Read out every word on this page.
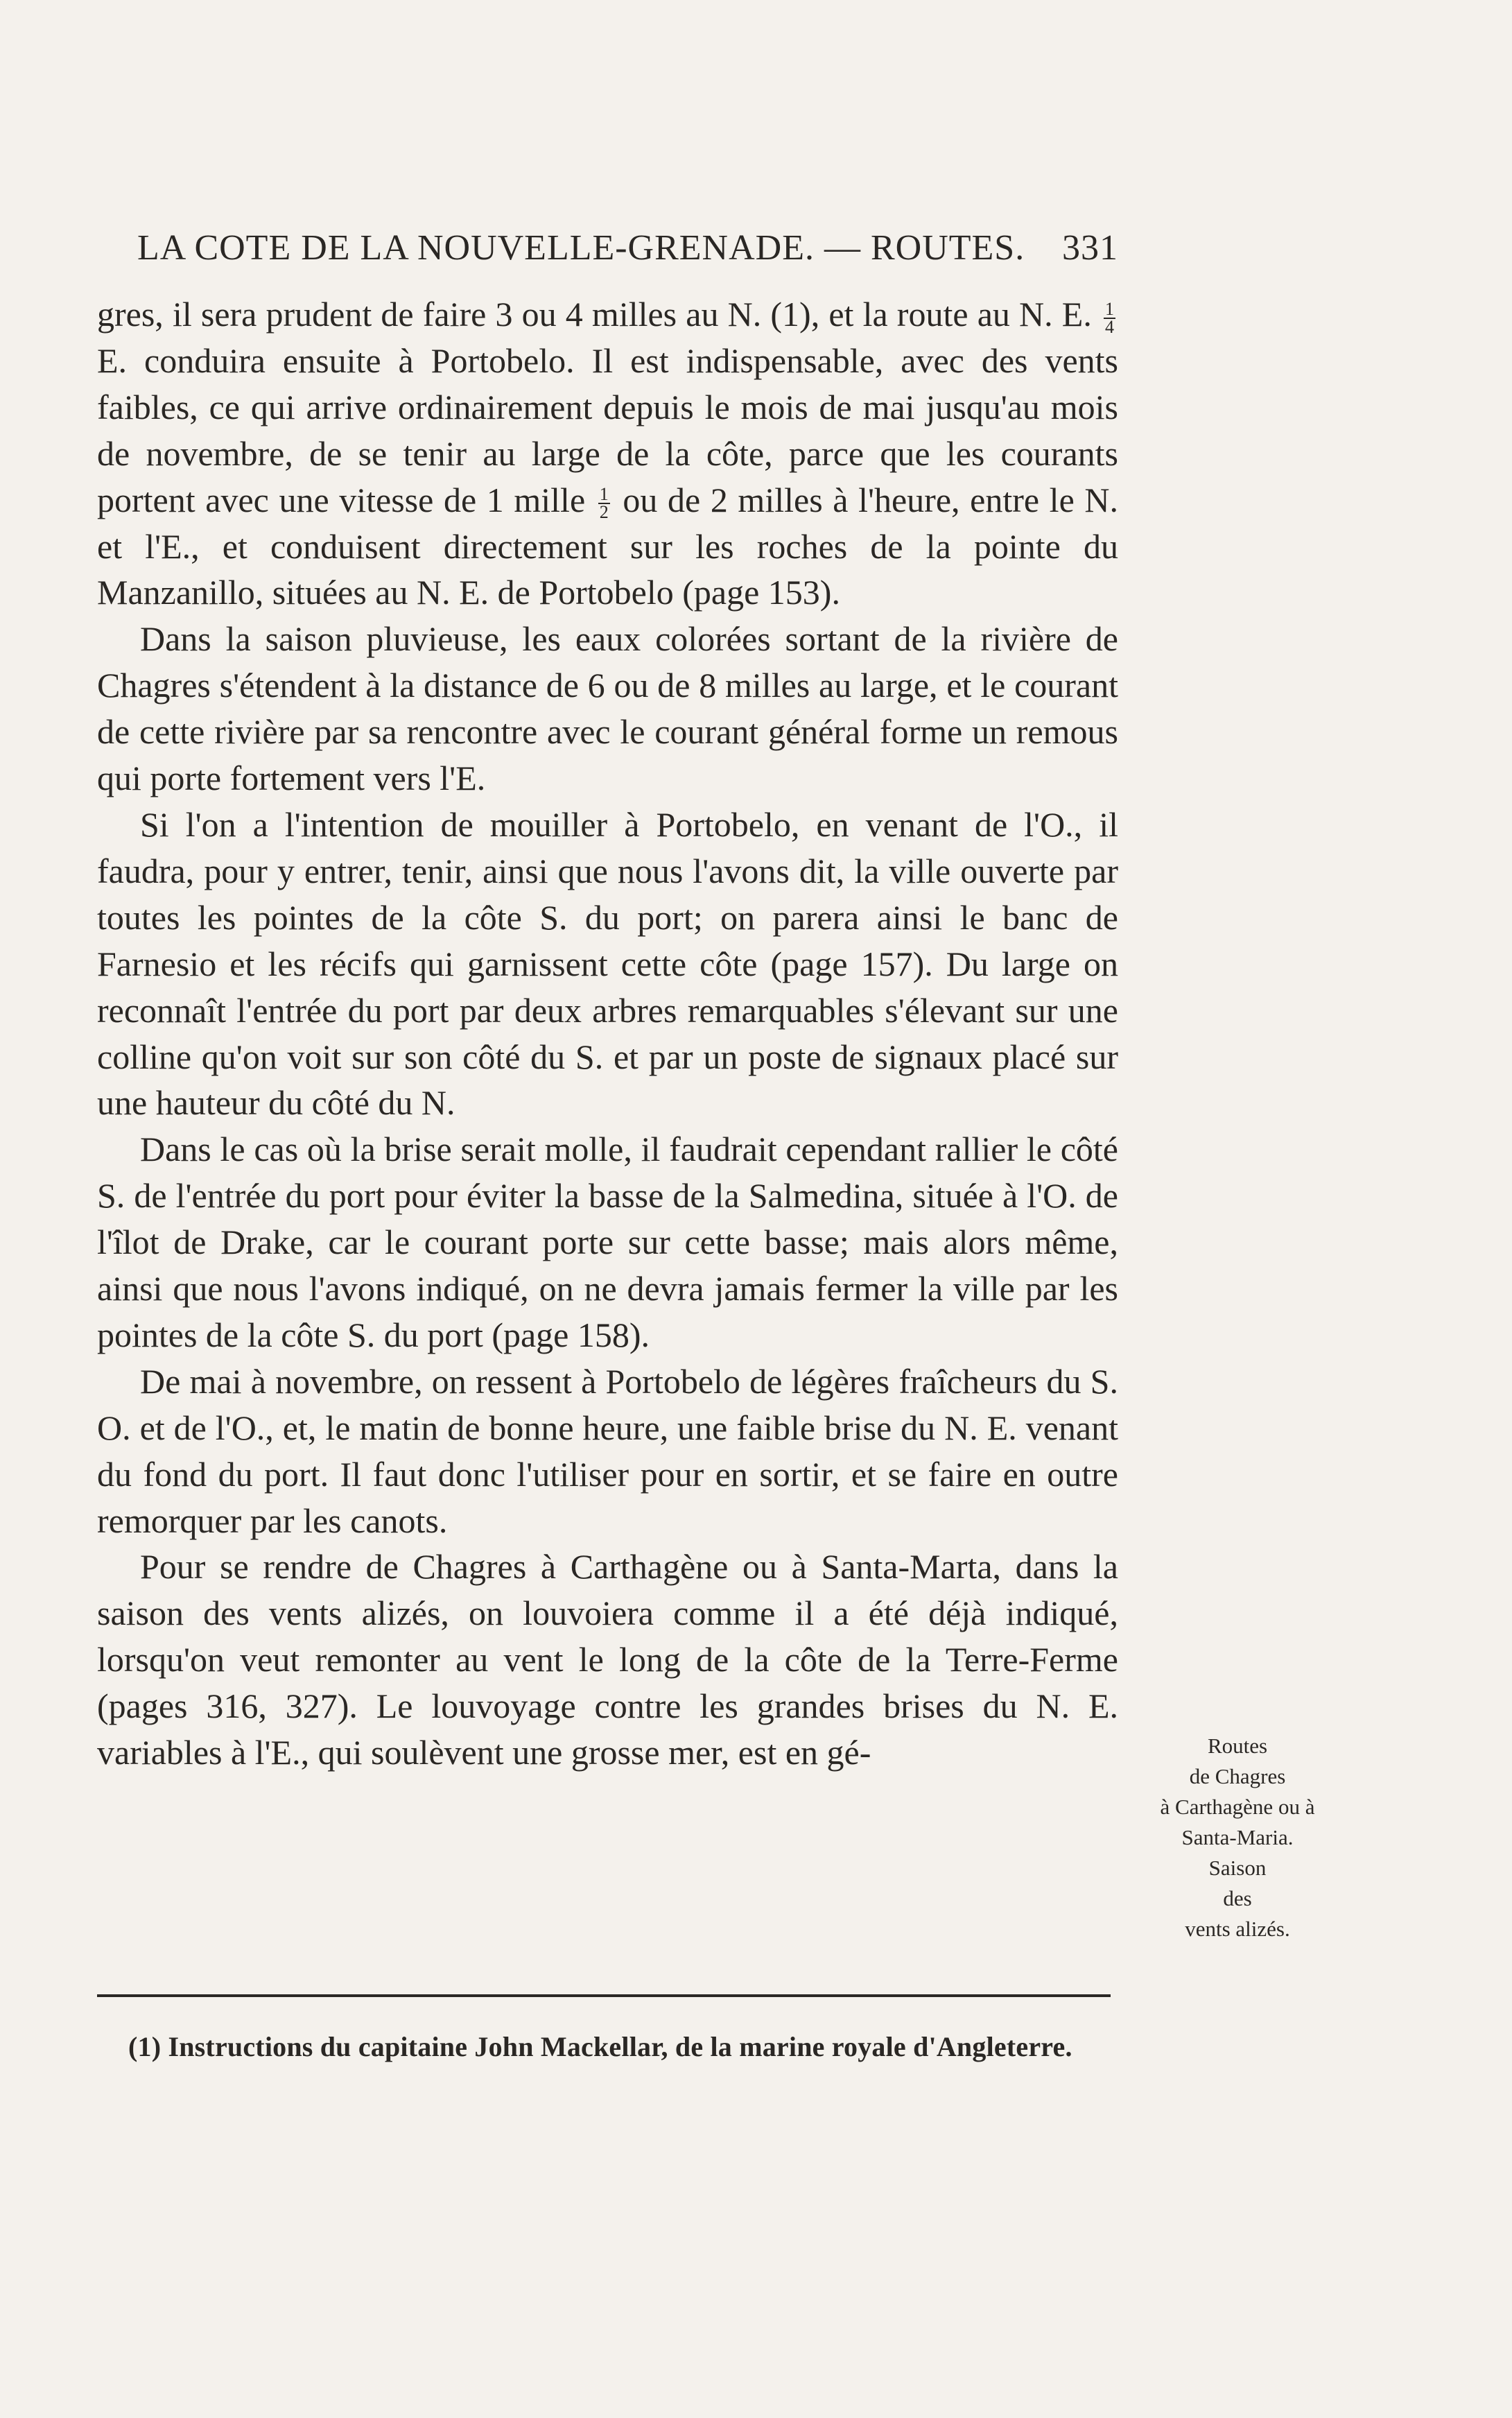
LA COTE DE LA NOUVELLE-GRENADE. — ROUTES. 331

gres, il sera prudent de faire 3 ou 4 milles au N. (1), et la route au N. E. $\frac{1}{4}$
E. conduira ensuite à Portobelo. Il est indispensable, avec des vents faibles, ce qui arrive ordinairement depuis le mois de mai jusqu'au mois de novembre, de se tenir au large de la côte, parce que les courants portent avec une vitesse de 1 mille $\frac{1}{2}$ ou de 2 milles à l'heure, entre le N. et l'E., et conduisent directement sur les roches de la pointe du Manzanillo, situées au N. E. de Portobelo (page 153).

Dans la saison pluvieuse, les eaux colorées sortant de la rivière de Chagres s'étendent à la distance de 6 ou de 8 milles au large, et le courant de cette rivière par sa rencontre avec le courant général forme un remous qui porte fortement vers l'E.

Si l'on a l'intention de mouiller à Portobelo, en venant de l'O., il faudra, pour y entrer, tenir, ainsi que nous l'avons dit, la ville ouverte par toutes les pointes de la côte S. du port; on parera ainsi le banc de Farnesio et les récifs qui garnissent cette côte (page 157). Du large on reconnaît l'entrée du port par deux arbres remarquables s'élevant sur une colline qu'on voit sur son côté du S. et par un poste de signaux placé sur une hauteur du côté du N.

Dans le cas où la brise serait molle, il faudrait cependant rallier le côté S. de l'entrée du port pour éviter la basse de la Salmedina, située à l'O. de l'îlot de Drake, car le courant porte sur cette basse; mais alors même, ainsi que nous l'avons indiqué, on ne devra jamais fermer la ville par les pointes de la côte S. du port (page 158).

De mai à novembre, on ressent à Portobelo de légères fraîcheurs du S. O. et de l'O., et, le matin de bonne heure, une faible brise du N. E. venant du fond du port. Il faut donc l'utiliser pour en sortir, et se faire en outre remorquer par les canots.

Pour se rendre de Chagres à Carthagène ou à Santa-Marta, dans la saison des vents alizés, on louvoiera comme il a été déjà indiqué, lorsqu'on veut remonter au vent le long de la côte de la Terre-Ferme (pages 316, 327). Le louvoyage contre les grandes brises du N. E. variables à l'E., qui soulèvent une grosse mer, est en gé-	Routes
de Chagres
à Carthagène ou à
Santa-Maria.
Saison
des
vents alizés.
(1) Instructions du capitaine John Mackellar, de la marine royale d'Angleterre.
